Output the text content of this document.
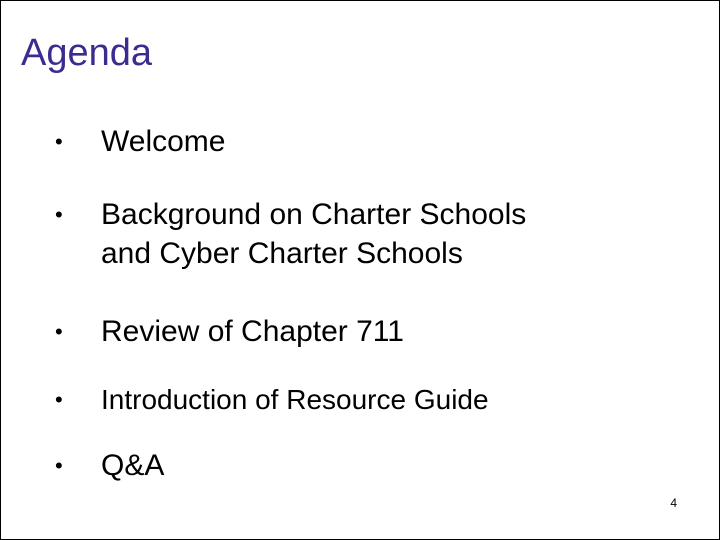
Agenda
•	Welcome
•	Background on Charter Schools
and Cyber Charter Schools
•	Review of Chapter 711
•	Introduction of Resource Guide
•	Q&A
4
